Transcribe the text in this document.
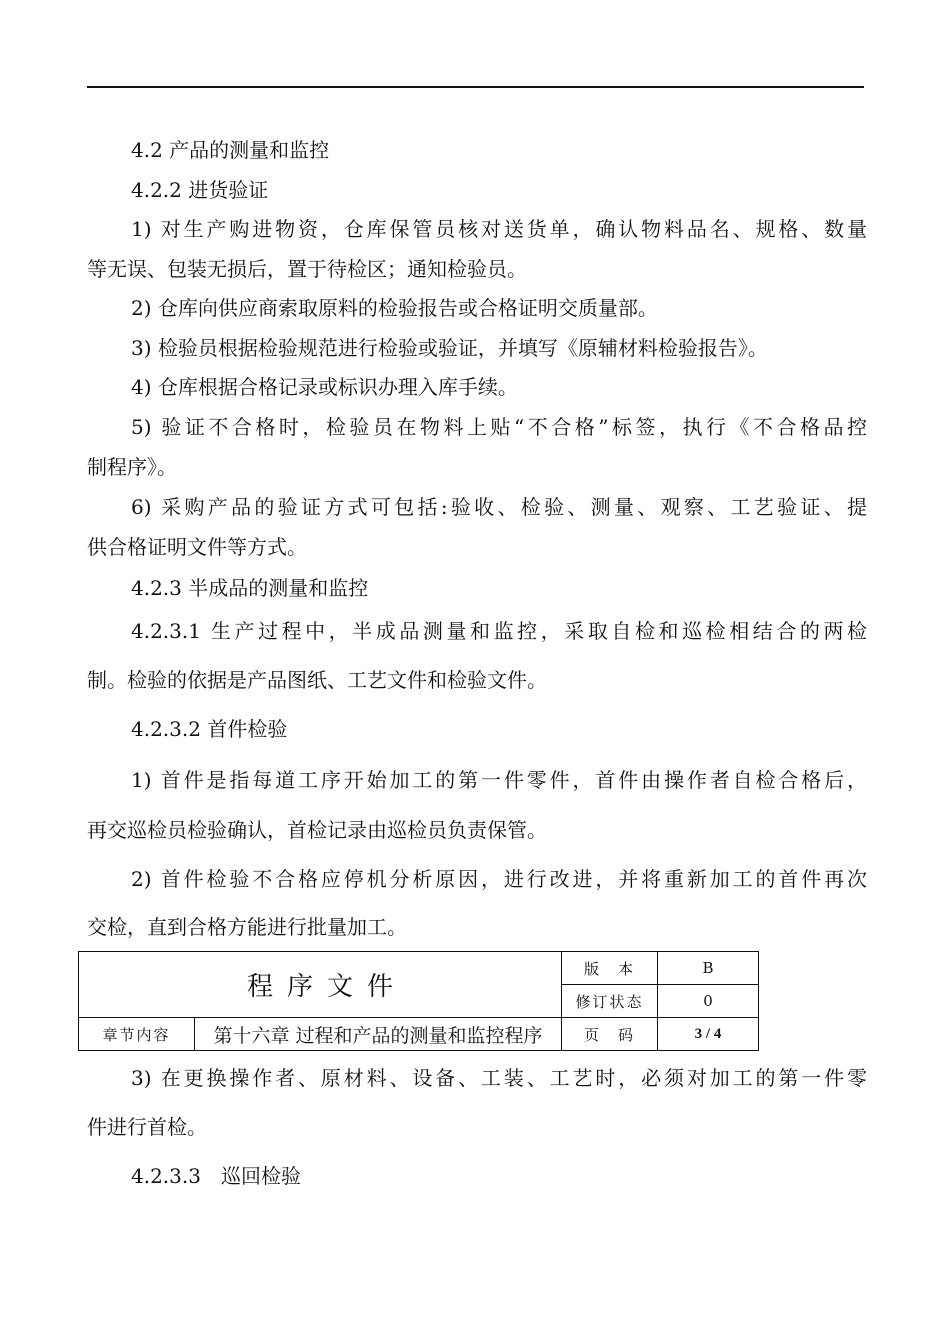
4.2 产品的测量和监控
4.2.2 进货验证
1) 对生产购进物资，仓库保管员核对送货单，确认物料品名、规格、数量
等无误、包装无损后，置于待检区；通知检验员。
2) 仓库向供应商索取原料的检验报告或合格证明交质量部。
3) 检验员根据检验规范进行检验或验证，并填写《原辅材料检验报告》。
4) 仓库根据合格记录或标识办理入库手续。
5) 验证不合格时，检验员在物料上贴“不合格”标签，执行《不合格品控
制程序》。
6) 采购产品的验证方式可包括:验收、检验、测量、观察、工艺验证、提
供合格证明文件等方式。
4.2.3 半成品的测量和监控
4.2.3.1 生产过程中，半成品测量和监控，采取自检和巡检相结合的两检
制。检验的依据是产品图纸、工艺文件和检验文件。
4.2.3.2 首件检验
1) 首件是指每道工序开始加工的第一件零件，首件由操作者自检合格后，
再交巡检员检验确认，首检记录由巡检员负责保管。
2) 首件检验不合格应停机分析原因，进行改进，并将重新加工的首件再次
交检，直到合格方能进行批量加工。
程序文件		版　本	B
		修订状态	0
章节内容	第十六章 过程和产品的测量和监控程序	页　码	3 / 4
3) 在更换操作者、原材料、设备、工装、工艺时，必须对加工的第一件零
件进行首检。
4.2.3.3　巡回检验
